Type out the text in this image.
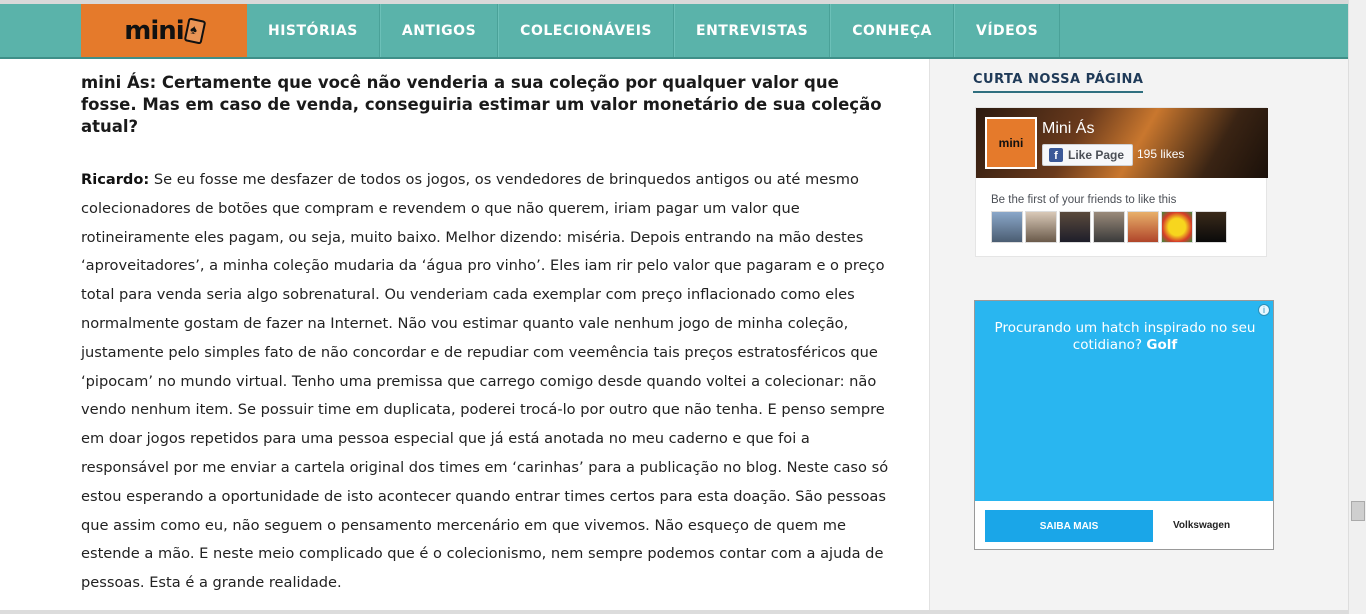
mini
♠	HISTÓRIAS	ANTIGOS	COLECIONÁVEIS	ENTREVISTAS	CONHEÇA	VÍDEOS
mini Ás: Certamente que você não venderia a sua coleção por qualquer valor que fosse. Mas em caso de venda, conseguiria estimar um valor monetário de sua coleção atual?

Ricardo: Se eu fosse me desfazer de todos os jogos, os vendedores de brinquedos antigos ou até mesmo colecionadores de botões que compram e revendem o que não querem, iriam pagar um valor que rotineiramente eles pagam, ou seja, muito baixo. Melhor dizendo: miséria. Depois entrando na mão destes ‘aproveitadores’, a minha coleção mudaria da ‘água pro vinho’. Eles iam rir pelo valor que pagaram e o preço total para venda seria algo sobrenatural. Ou venderiam cada exemplar com preço inflacionado como eles normalmente gostam de fazer na Internet. Não vou estimar quanto vale nenhum jogo de minha coleção, justamente pelo simples fato de não concordar e de repudiar com veemência tais preços estratosféricos que ‘pipocam’ no mundo virtual. Tenho uma premissa que carrego comigo desde quando voltei a colecionar: não vendo nenhum item. Se possuir time em duplicata, poderei trocá-lo por outro que não tenha. E penso sempre em doar jogos repetidos para uma pessoa especial que já está anotada no meu caderno e que foi a responsável por me enviar a cartela original dos times em ‘carinhas’ para a publicação no blog. Neste caso só estou esperando a oportunidade de isto acontecer quando entrar times certos para esta doação. São pessoas que assim como eu, não seguem o pensamento mercenário em que vivemos. Não esqueço de quem me estende a mão. E neste meio complicado que é o colecionismo, nem sempre podemos contar com a ajuda de pessoas. Esta é a grande realidade.

CURTA NOSSA PÁGINA
mini
Mini Ás
f Like Page 195 likes
Be the first of your friends to like this
i
Procurando um hatch inspirado no seu cotidiano? Golf
SAIBA MAIS	Volkswagen
